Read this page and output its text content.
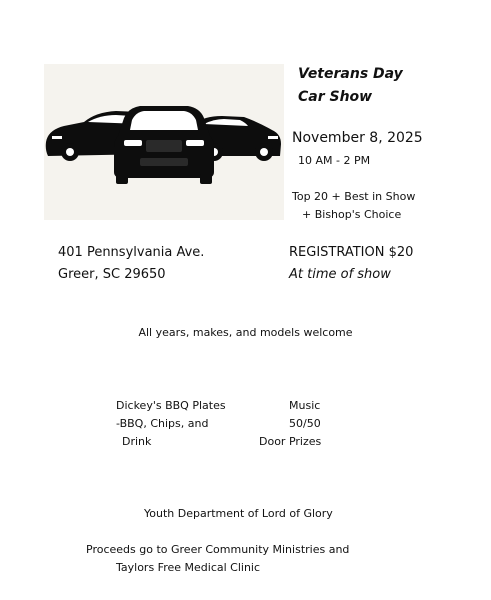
Veterans Day
Car Show
November 8, 2025
10 AM - 2 PM
Top 20 + Best in Show
+ Bishop's Choice
401 Pennsylvania Ave.
Greer, SC 29650
REGISTRATION $20
At time of show
All years, makes, and models welcome
Dickey's BBQ Plates
-BBQ, Chips, and
Drink
Music
50/50
Door Prizes
Youth Department of Lord of Glory
Proceeds go to Greer Community Ministries and
Taylors Free Medical Clinic
